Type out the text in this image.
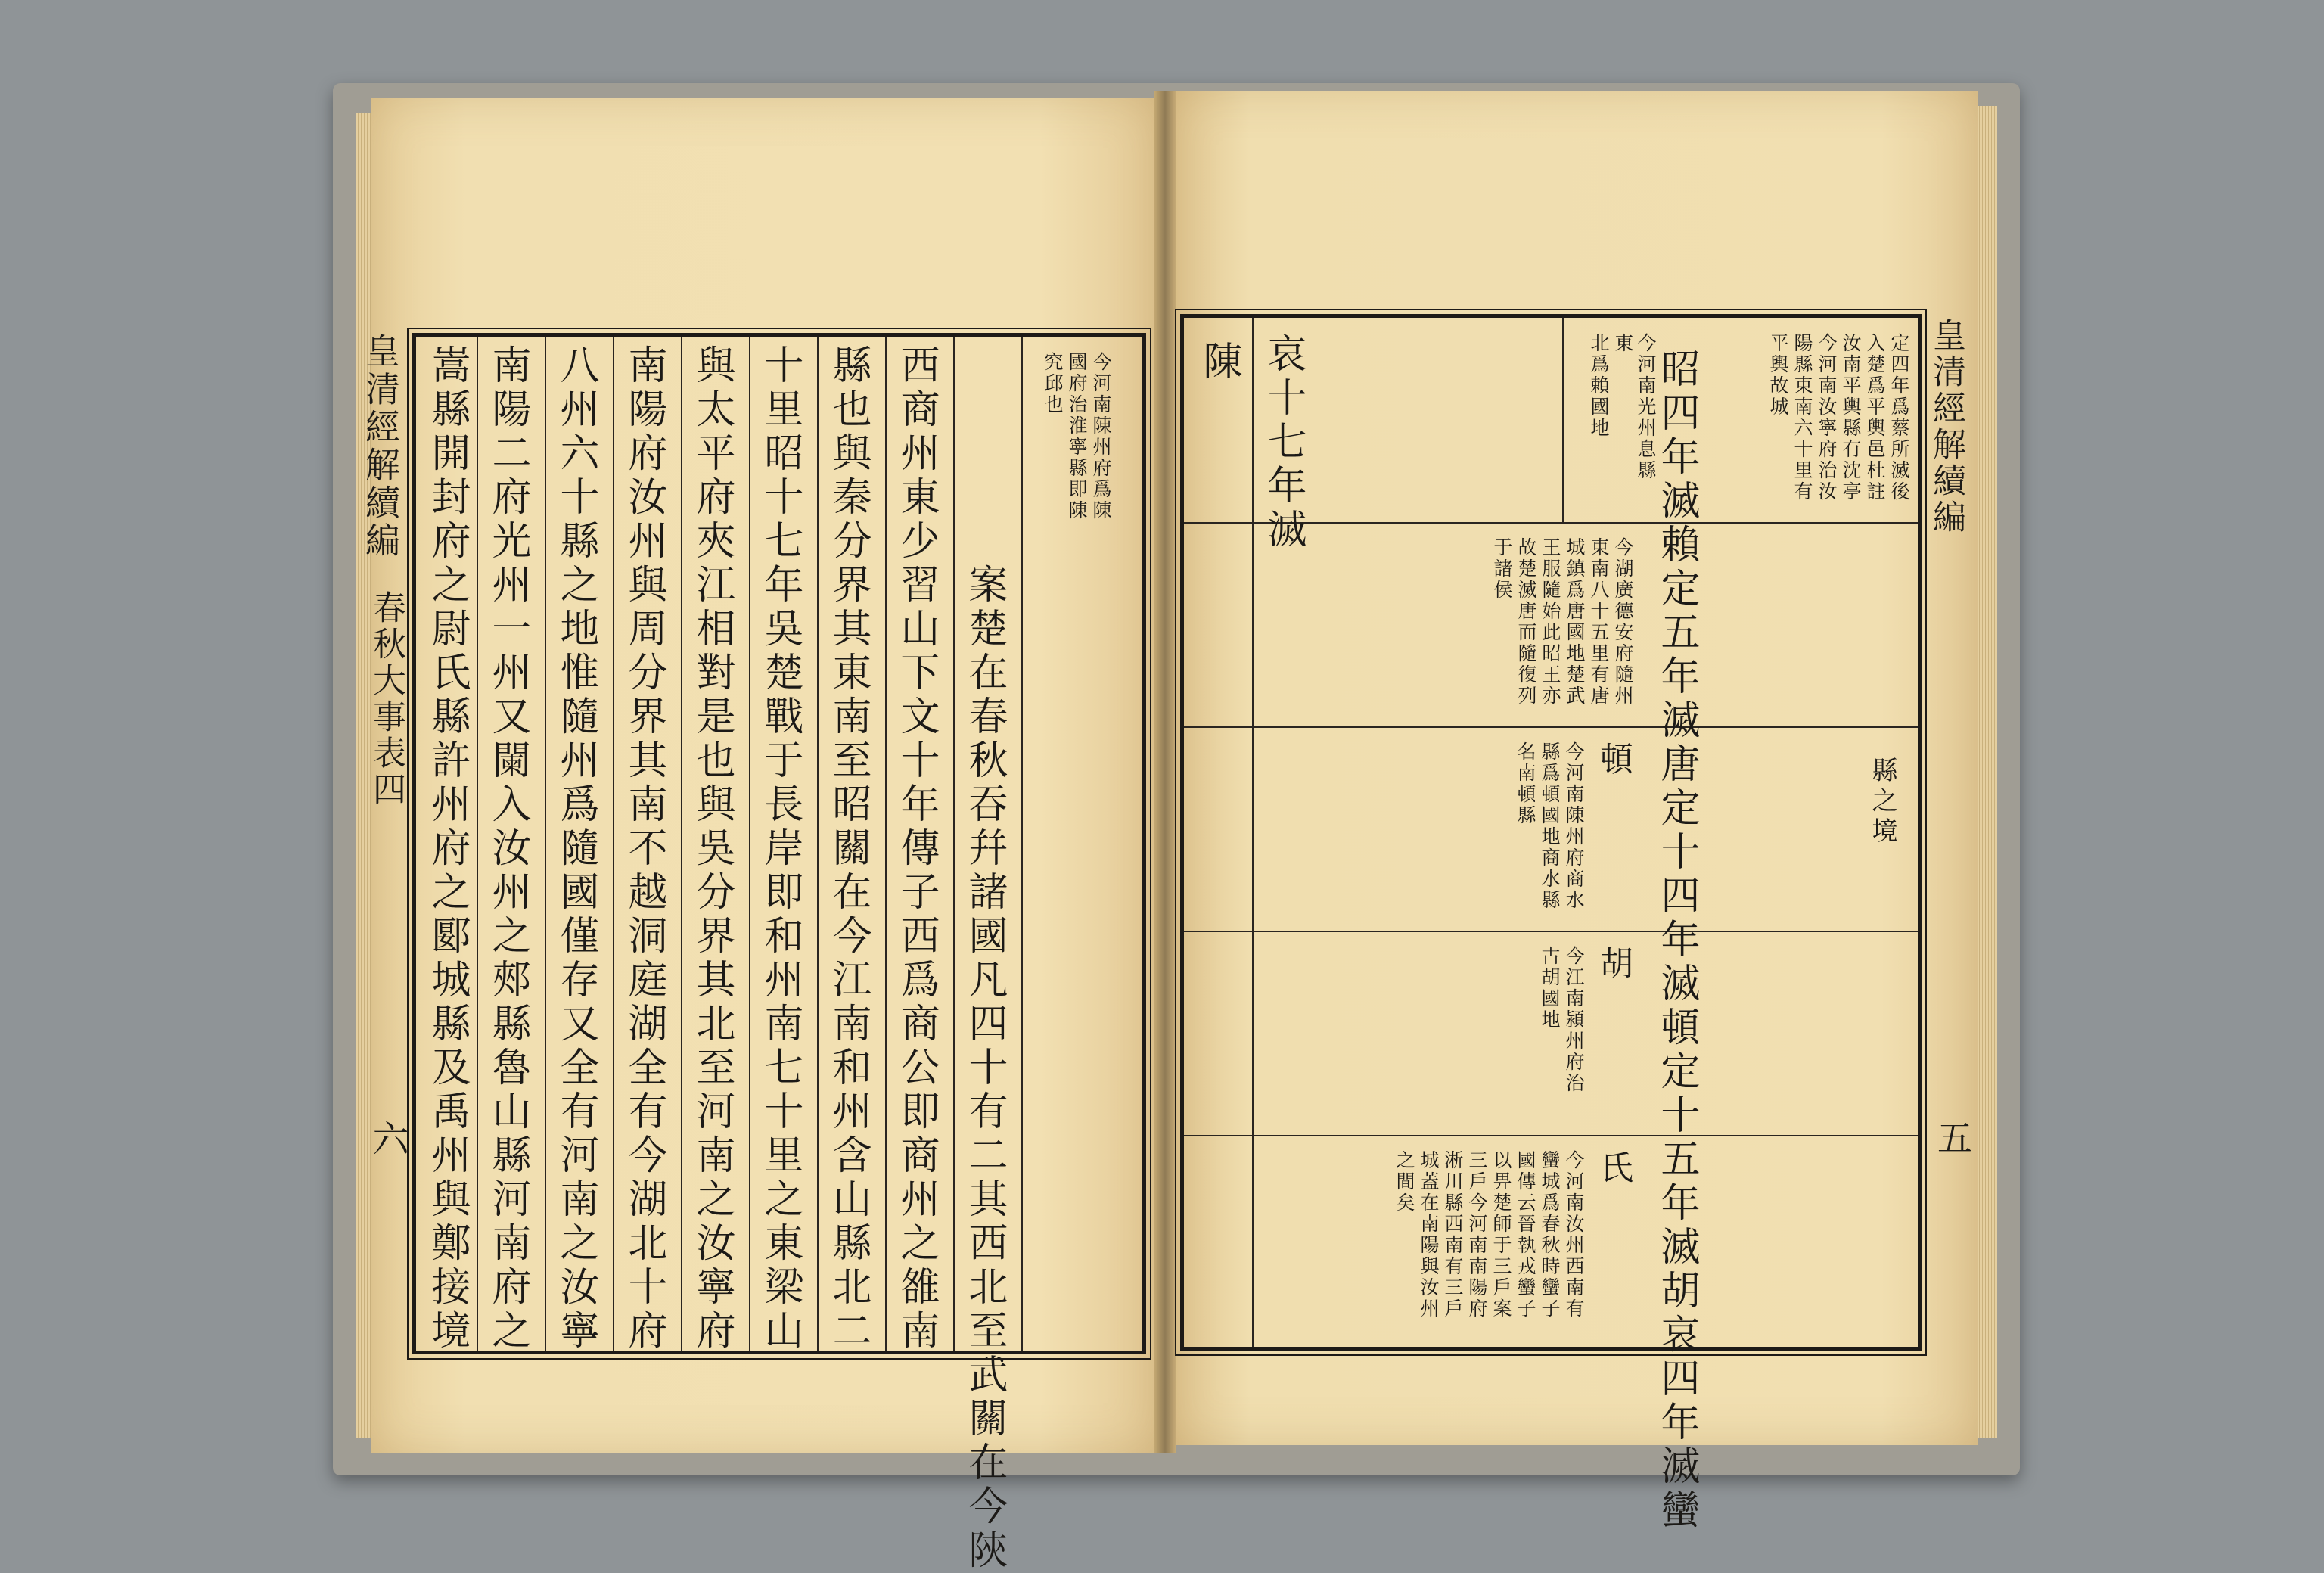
今河南陳州府爲陳
國府治淮寧縣即陳
究邱也
案楚在春秋吞幷諸國凡四十有二其西北至武關在今陝
西商州東少習山下文十年傳子西爲商公即商州之雒南
縣也與秦分界其東南至昭關在今江南和州含山縣北二
十里昭十七年吳楚戰于長岸即和州南七十里之東梁山
與太平府夾江相對是也與吳分界其北至河南之汝寧府
南陽府汝州與周分界其南不越洞庭湖全有今湖北十府
八州六十縣之地惟隨州爲隨國僅存又全有河南之汝寧
南陽二府光州一州又闌入汝州之郟縣魯山縣河南府之
嵩縣開封府之尉氏縣許州府之郾城縣及禹州與鄭接境
皇清經解續編
春秋大事表四
六	昭四年滅賴定五年滅唐定十四年滅頓定十五年滅胡哀四年滅蠻
哀十七年滅
陳	定四年爲蔡所滅後
入楚爲平輿邑杜註
汝南平輿縣有沈亭
今河南汝寧府治汝
陽縣東南六十里有
平輿故城
縣之境
今河南光州息縣東
北爲賴國地
今湖廣德安府隨州
東南八十五里有唐
城鎮爲唐國地楚武
王服隨始此昭王亦
故楚滅唐而隨復列
于諸侯
頓
今河南陳州府商水
縣爲頓國地商水縣
名南頓縣
胡
今江南潁州府治
古胡國地
氏
今河南汝州西南有
蠻城爲春秋時蠻子
國傳云晉執戎蠻子
以畀楚師于三戶案
三戶今河南南陽府
淅川縣西南有三戶
城蓋在南陽與汝州
之間矣
皇清經解續編
五
